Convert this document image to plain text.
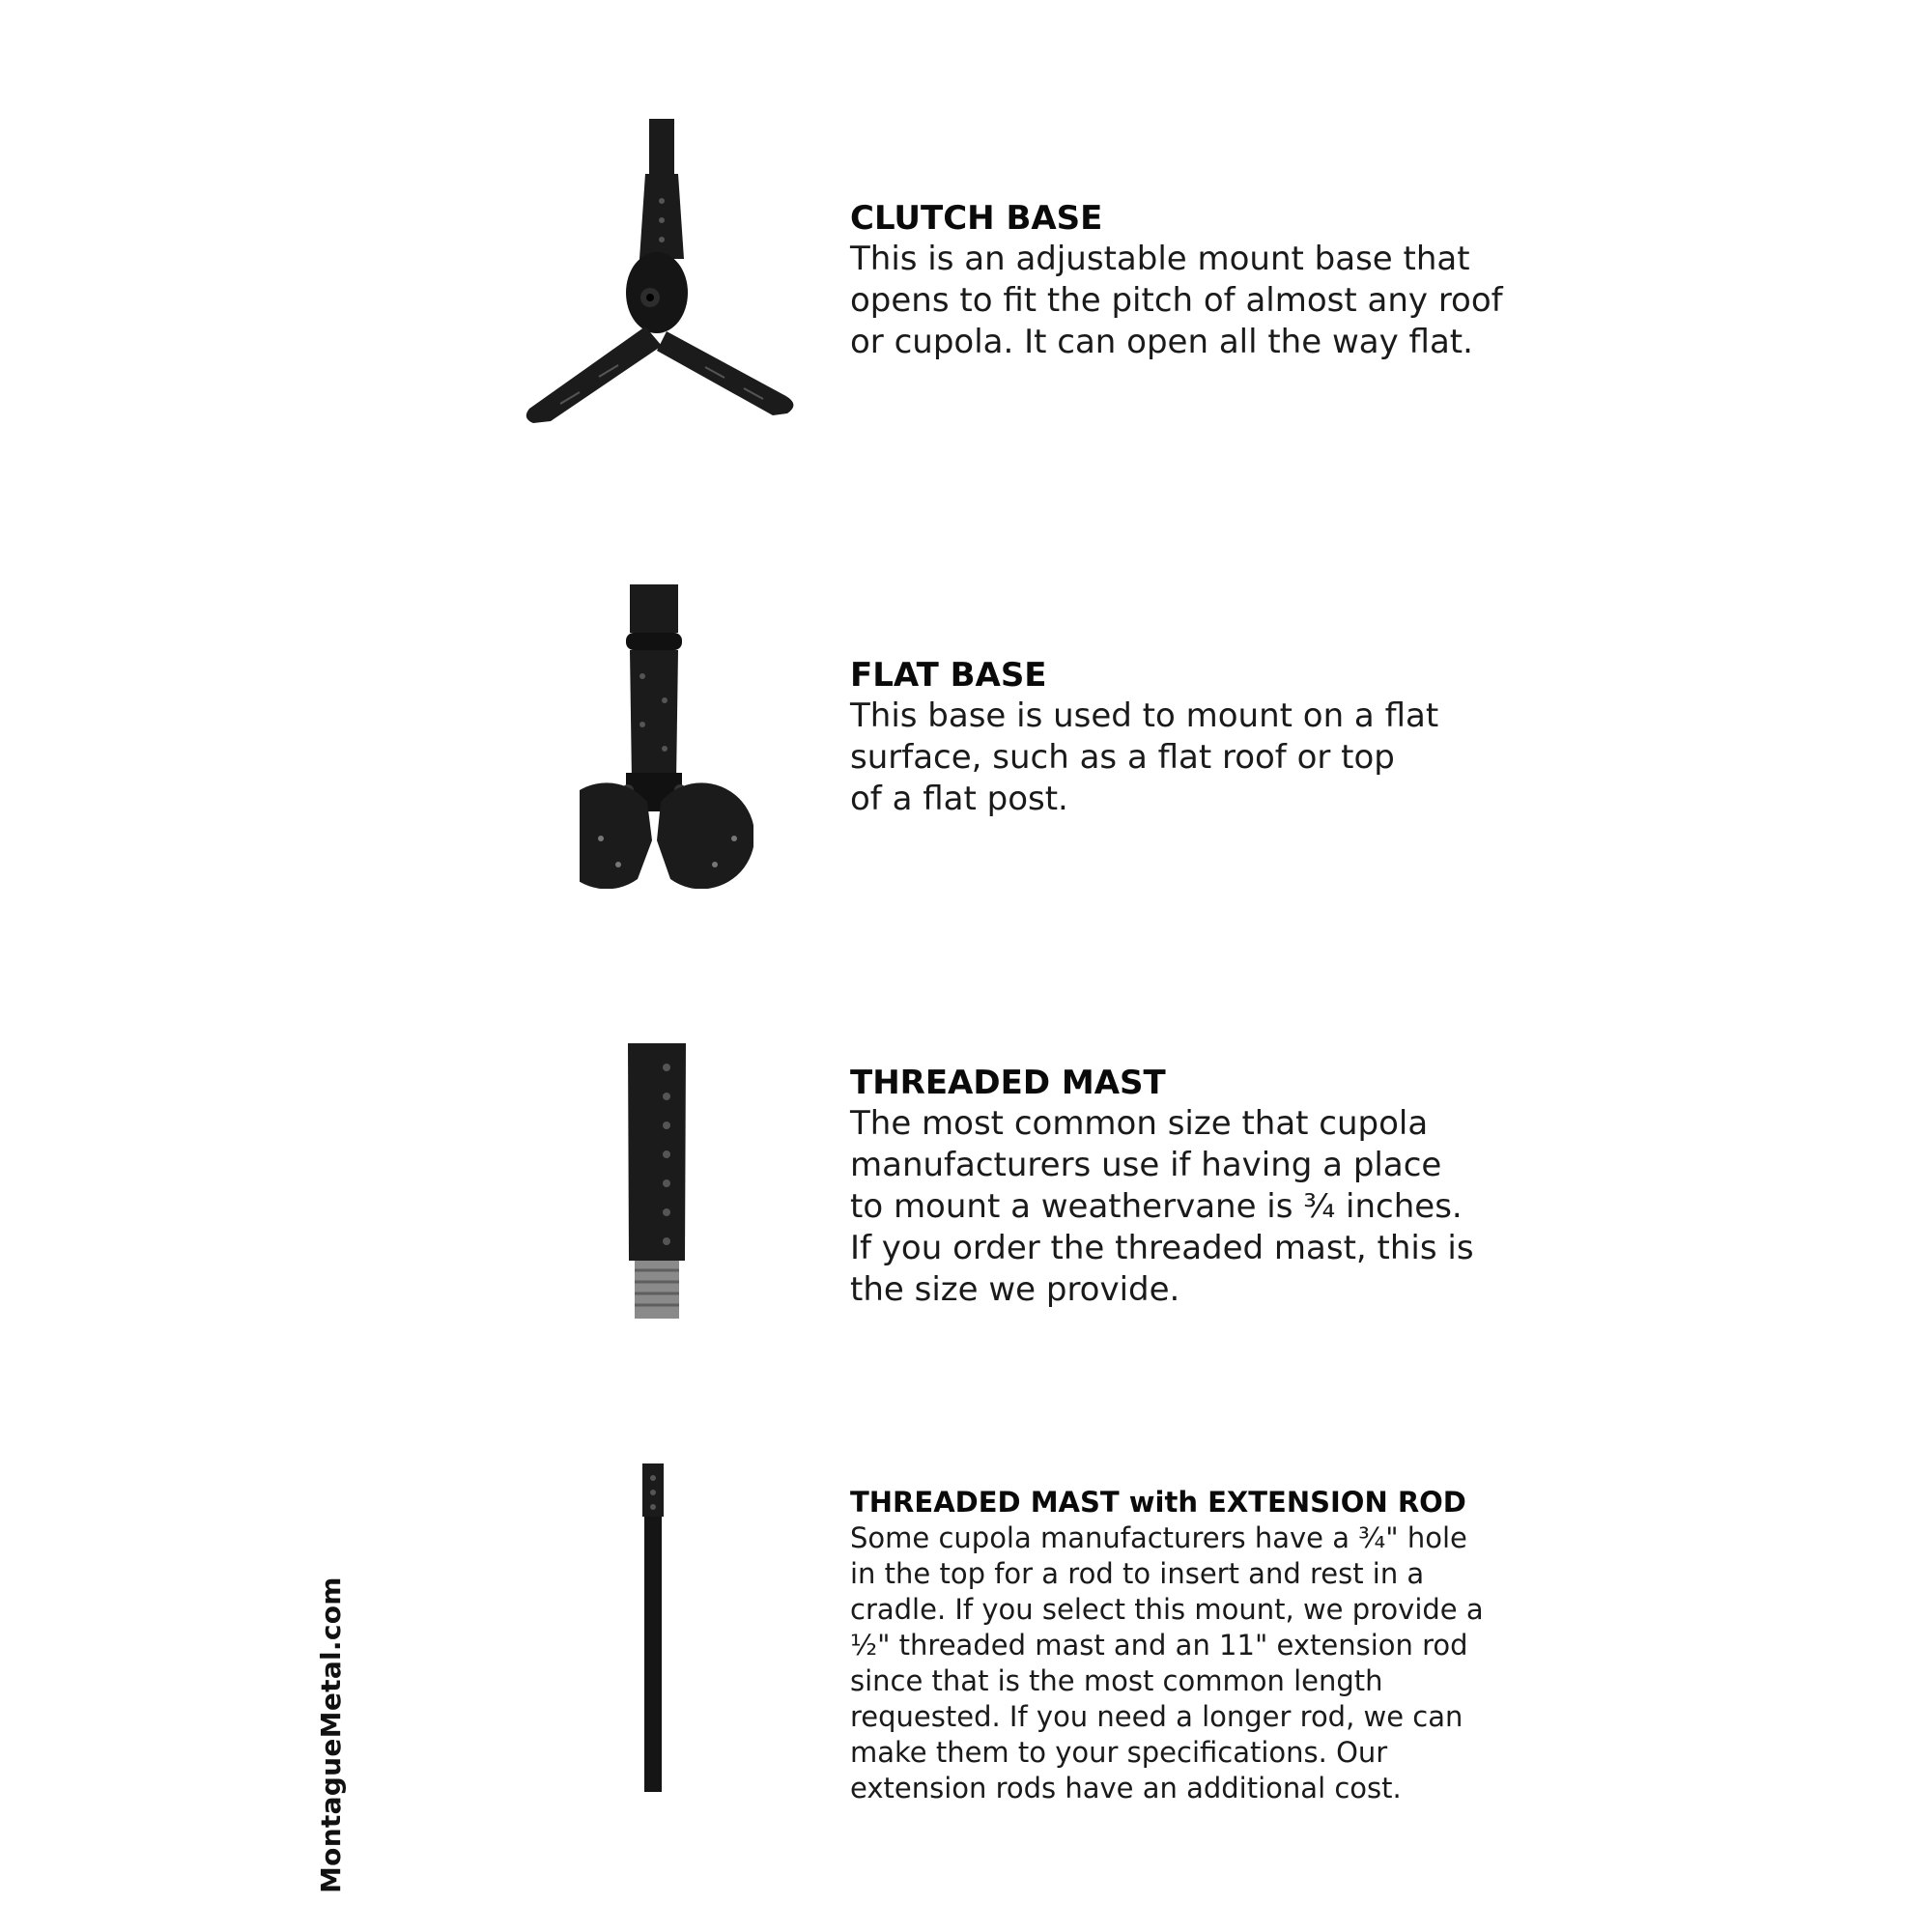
CLUTCH BASE

This is an adjustable mount base that

opens to fit the pitch of almost any roof

or cupola. It can open all the way flat.

FLAT BASE

This base is used to mount on a flat

surface, such as a flat roof or top

of a flat post.

THREADED MAST

The most common size that cupola

manufacturers use if having a place

to mount a weathervane is ¾ inches.

If you order the threaded mast, this is

the size we provide.

THREADED MAST with EXTENSION ROD

Some cupola manufacturers have a ¾" hole

in the top for a rod to insert and rest in a

cradle. If you select this mount, we provide a

½" threaded mast and an 11" extension rod

since that is the most common length

requested. If you need a longer rod, we can

make them to your specifications. Our

extension rods have an additional cost.

MontagueMetal.com
